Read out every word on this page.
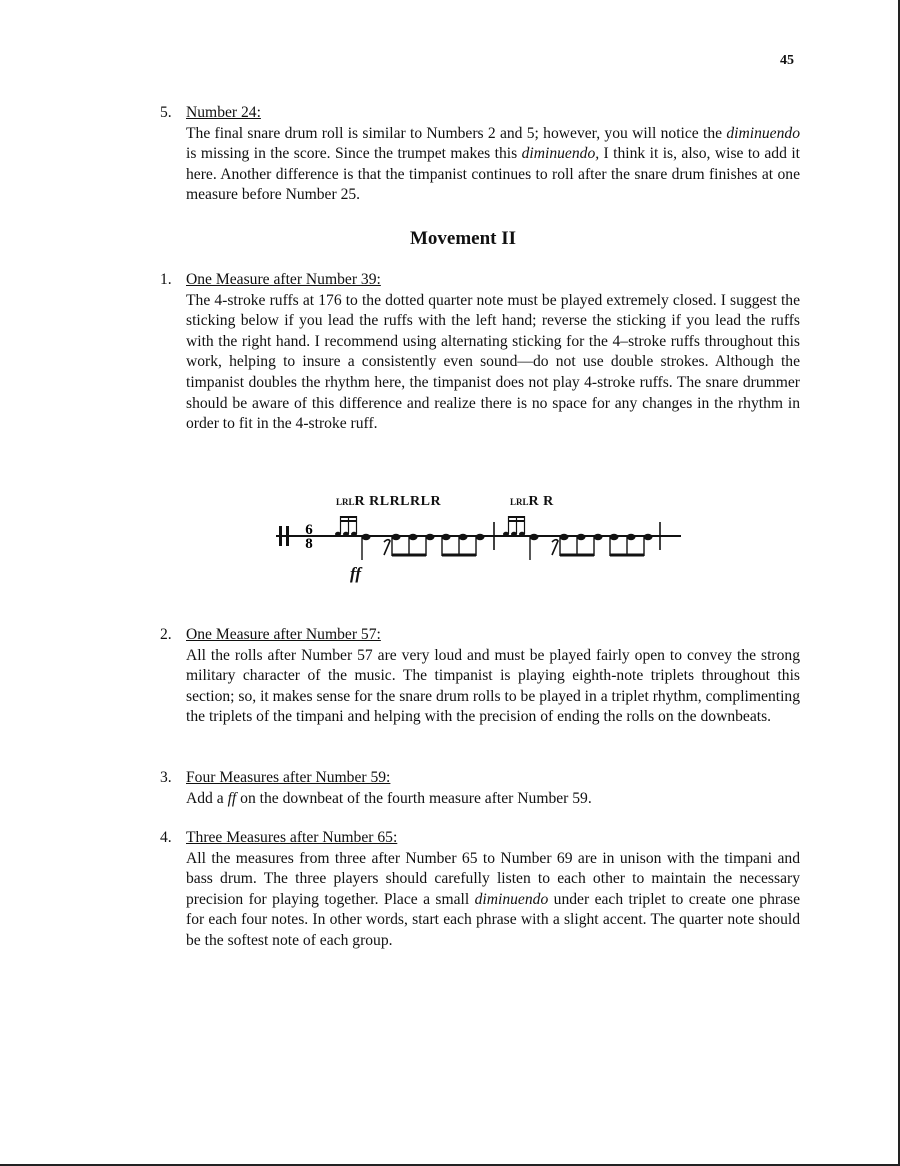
45
5. Number 24:
The final snare drum roll is similar to Numbers 2 and 5; however, you will notice the diminuendo is missing in the score. Since the trumpet makes this diminuendo, I think it is, also, wise to add it here. Another difference is that the timpanist continues to roll after the snare drum finishes at one measure before Number 25.
Movement II
1. One Measure after Number 39:
The 4-stroke ruffs at 176 to the dotted quarter note must be played extremely closed. I suggest the sticking below if you lead the ruffs with the left hand; reverse the sticking if you lead the ruffs with the right hand. I recommend using alternating sticking for the 4–stroke ruffs throughout this work, helping to insure a consistently even sound—do not use double strokes. Although the timpanist doubles the rhythm here, the timpanist does not play 4-stroke ruffs. The snare drummer should be aware of this difference and realize there is no space for any changes in the rhythm in order to fit in the 4-stroke ruff.
LRLR RLRLRLR	LRLR R
6
8
ff
2. One Measure after Number 57:
All the rolls after Number 57 are very loud and must be played fairly open to convey the strong military character of the music. The timpanist is playing eighth-note triplets throughout this section; so, it makes sense for the snare drum rolls to be played in a triplet rhythm, complimenting the triplets of the timpani and helping with the precision of ending the rolls on the downbeats.
3. Four Measures after Number 59:
Add a ff on the downbeat of the fourth measure after Number 59.
4. Three Measures after Number 65:
All the measures from three after Number 65 to Number 69 are in unison with the timpani and bass drum. The three players should carefully listen to each other to maintain the necessary precision for playing together. Place a small diminuendo under each triplet to create one phrase for each four notes. In other words, start each phrase with a slight accent. The quarter note should be the softest note of each group.
